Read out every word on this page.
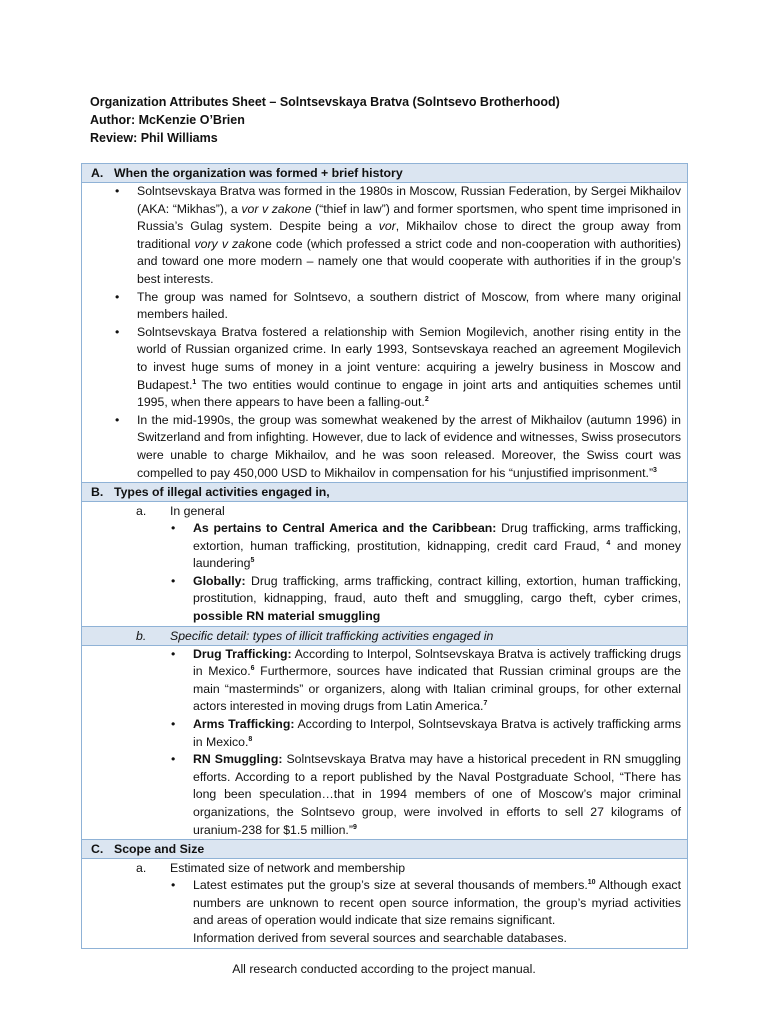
Organization Attributes Sheet – Solntsevskaya Bratva (Solntsevo Brotherhood)
Author: McKenzie O’Brien
Review: Phil Williams
A. When the organization was formed + brief history
• Solntsevskaya Bratva was formed in the 1980s in Moscow, Russian Federation, by Sergei Mikhailov (AKA: “Mikhas”), a vor v zakone (“thief in law”) and former sportsmen, who spent time imprisoned in Russia’s Gulag system. Despite being a vor, Mikhailov chose to direct the group away from traditional vory v zakone code (which professed a strict code and non-cooperation with authorities) and toward one more modern – namely one that would cooperate with authorities if in the group’s best interests.
• The group was named for Solntsevo, a southern district of Moscow, from where many original members hailed.
• Solntsevskaya Bratva fostered a relationship with Semion Mogilevich, another rising entity in the world of Russian organized crime. In early 1993, Sontsevskaya reached an agreement Mogilevich to invest huge sums of money in a joint venture: acquiring a jewelry business in Moscow and Budapest.$^1$ The two entities would continue to engage in joint arts and antiquities schemes until 1995, when there appears to have been a falling-out.$^2$
• In the mid-1990s, the group was somewhat weakened by the arrest of Mikhailov (autumn 1996) in Switzerland and from infighting. However, due to lack of evidence and witnesses, Swiss prosecutors were unable to charge Mikhailov, and he was soon released. Moreover, the Swiss court was compelled to pay 450,000 USD to Mikhailov in compensation for his “unjustified imprisonment.”$^3$
B. Types of illegal activities engaged in,
a.	In general
• As pertains to Central America and the Caribbean: Drug trafficking, arms trafficking, extortion, human trafficking, prostitution, kidnapping, credit card Fraud, $^4$ and money laundering$^5$
• Globally: Drug trafficking, arms trafficking, contract killing, extortion, human trafficking, prostitution, kidnapping, fraud, auto theft and smuggling, cargo theft, cyber crimes, possible RN material smuggling
b.	Specific detail: types of illicit trafficking activities engaged in
• Drug Trafficking: According to Interpol, Solntsevskaya Bratva is actively trafficking drugs in Mexico.$^6$ Furthermore, sources have indicated that Russian criminal groups are the main “masterminds” or organizers, along with Italian criminal groups, for other external actors interested in moving drugs from Latin America.$^7$
• Arms Trafficking: According to Interpol, Solntsevskaya Bratva is actively trafficking arms in Mexico.$^8$
• RN Smuggling: Solntsevskaya Bratva may have a historical precedent in RN smuggling efforts. According to a report published by the Naval Postgraduate School, “There has long been speculation…that in 1994 members of one of Moscow’s major criminal organizations, the Solntsevo group, were involved in efforts to sell 27 kilograms of uranium-238 for $1.5 million.”$^9$
C. Scope and Size
a.	Estimated size of network and membership
• Latest estimates put the group’s size at several thousands of members.$^{10}$ Although exact numbers are unknown to recent open source information, the group’s myriad activities and areas of operation would indicate that size remains significant.
Information derived from several sources and searchable databases.
All research conducted according to the project manual.
